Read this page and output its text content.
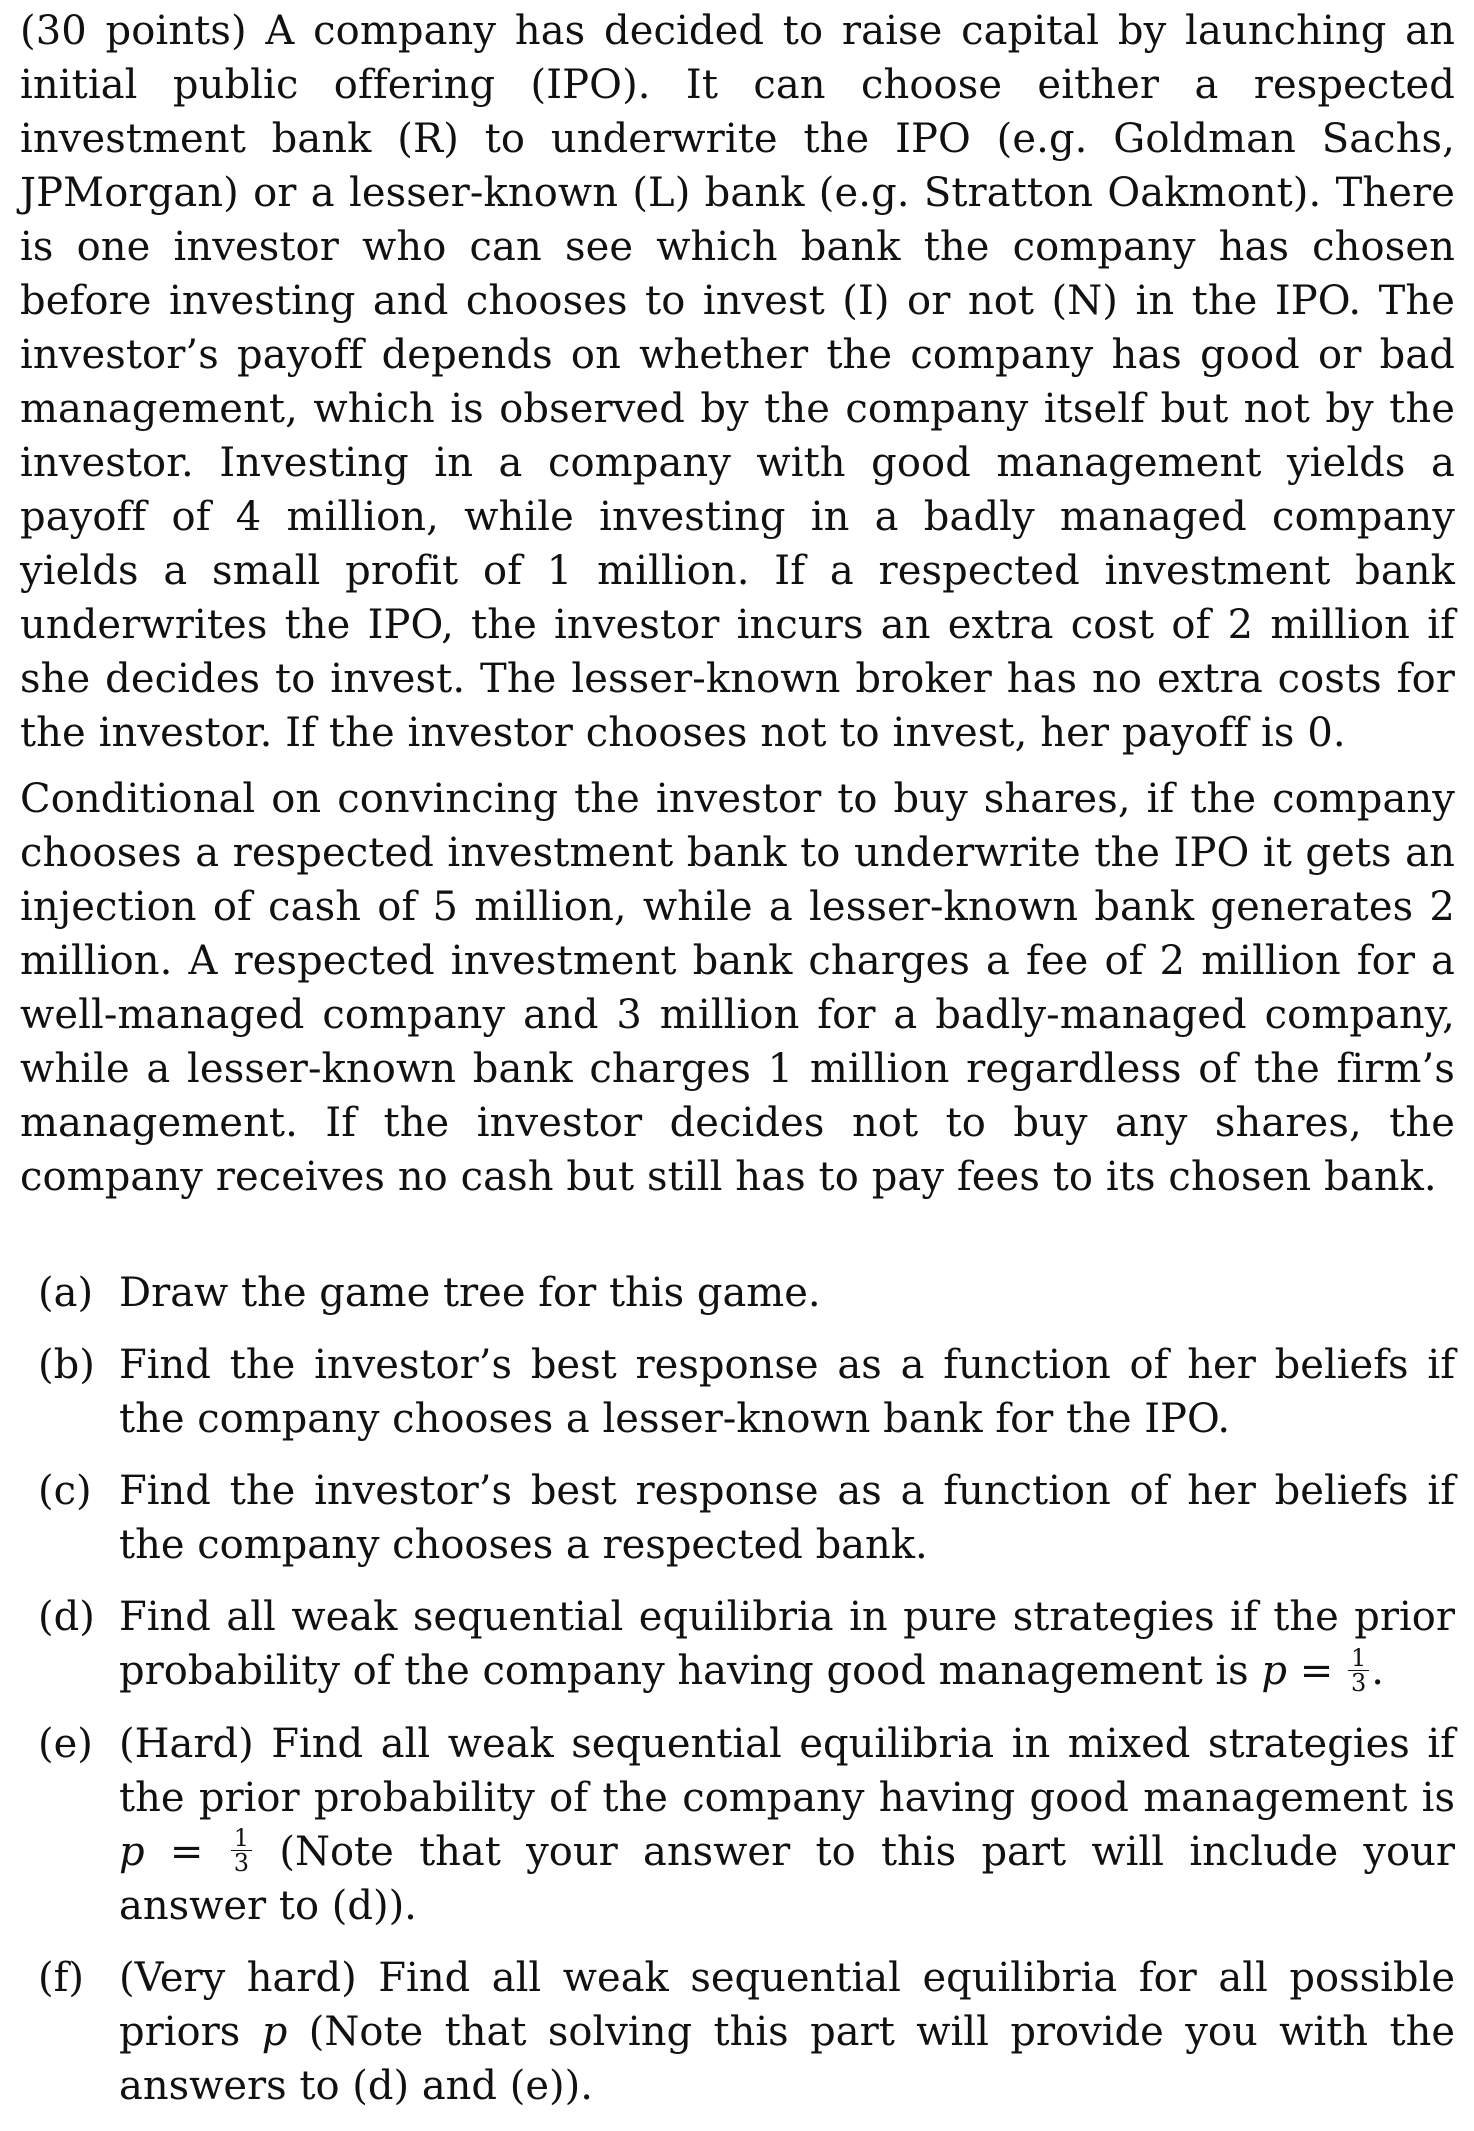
(30 points) A company has decided to raise capital by launching an initial public offering (IPO). It can choose either a respected investment bank (R) to underwrite the IPO (e.g. Goldman Sachs, JPMorgan) or a lesser-known (L) bank (e.g. Stratton Oakmont). There is one investor who can see which bank the company has chosen before investing and chooses to invest (I) or not (N) in the IPO. The investor’s payoff depends on whether the company has good or bad management, which is observed by the company itself but not by the investor. Investing in a company with good management yields a payoff of 4 million, while investing in a badly managed company yields a small profit of 1 million. If a respected investment bank underwrites the IPO, the investor incurs an extra cost of 2 million if she decides to invest. The lesser-known broker has no extra costs for the investor. If the investor chooses not to invest, her payoff is 0.

Conditional on convincing the investor to buy shares, if the company chooses a respected investment bank to underwrite the IPO it gets an injection of cash of 5 million, while a lesser-known bank generates 2 million. A respected investment bank charges a fee of 2 million for a well-managed company and 3 million for a badly-managed company, while a lesser-known bank charges 1 million regardless of the firm’s management. If the investor decides not to buy any shares, the company receives no cash but still has to pay fees to its chosen bank.

(a) Draw the game tree for this game.
(b) Find the investor’s best response as a function of her beliefs if the company chooses a lesser-known bank for the IPO.
(c) Find the investor’s best response as a function of her beliefs if the company chooses a respected bank.
(d) Find all weak sequential equilibria in pure strategies if the prior probability of the company having good management is $p = \frac{1}{3}$ .
(e) (Hard) Find all weak sequential equilibria in mixed strategies if the prior probability of the company having good management is $p = \frac{1}{3}$ (Note that your answer to this part will include your answer to (d)).
(f) (Very hard) Find all weak sequential equilibria for all possible priors p (Note that solving this part will provide you with the answers to (d) and (e)).
